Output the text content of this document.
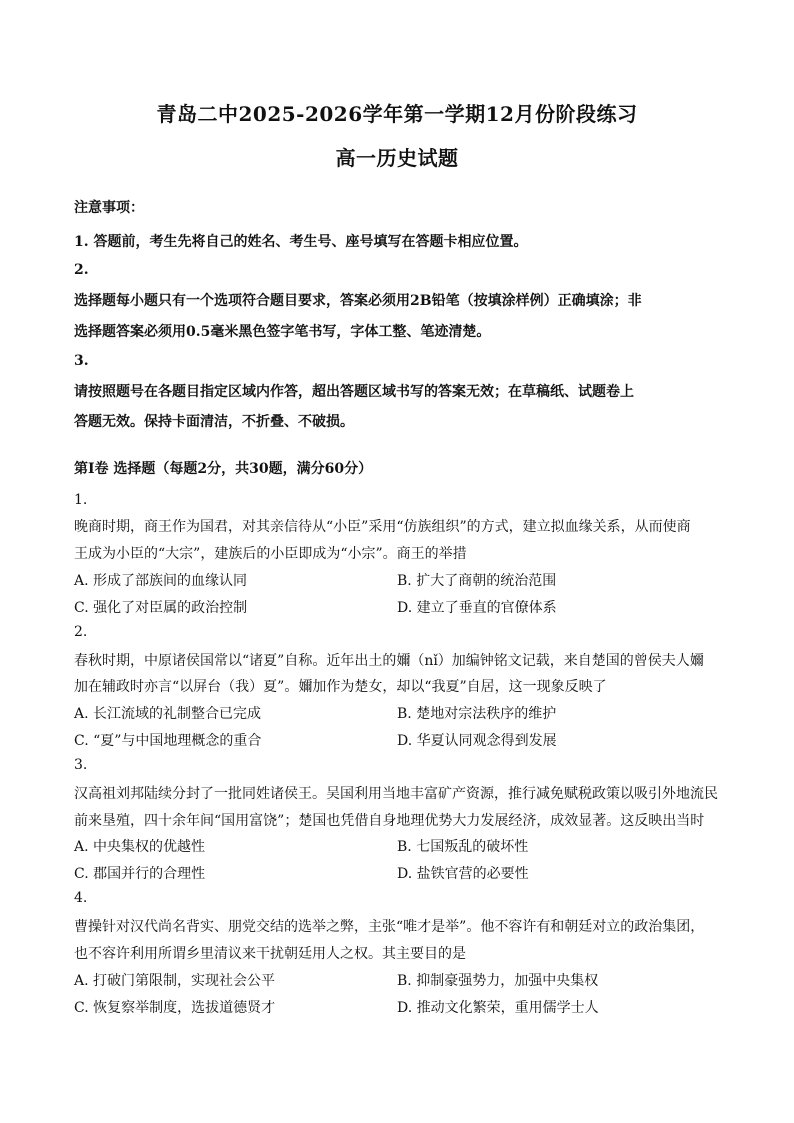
青岛二中2025-2026学年第一学期12月份阶段练习
高一历史试题
注意事项：
1. 答题前，考生先将自己的姓名、考生号、座号填写在答题卡相应位置。
2.
选择题每小题只有一个选项符合题目要求，答案必须用2B铅笔（按填涂样例）正确填涂；非
选择题答案必须用0.5毫米黑色签字笔书写，字体工整、笔迹清楚。
3.
请按照题号在各题目指定区域内作答，超出答题区域书写的答案无效；在草稿纸、试题卷上
答题无效。保持卡面清洁，不折叠、不破损。
第Ⅰ卷 选择题（每题2分，共30题，满分60分）
1.
晚商时期，商王作为国君，对其亲信待从“小臣”采用“仿族组织”的方式，建立拟血缘关系，从而使商
王成为小臣的“大宗”，建族后的小臣即成为“小宗”。商王的举措
A. 形成了部族间的血缘认同	B. 扩大了商朝的统治范围
C. 强化了对臣属的政治控制	D. 建立了垂直的官僚体系
2.
春秋时期，中原诸侯国常以“诸夏”自称。近年出土的嬭（nǐ）加编钟铭文记载，来自楚国的曾侯夫人嬭
加在辅政时亦言“以屏台（我）夏”。嬭加作为楚女，却以“我夏”自居，这一现象反映了
A. 长江流域的礼制整合已完成	B. 楚地对宗法秩序的维护
C. “夏”与中国地理概念的重合	D. 华夏认同观念得到发展
3.
汉高祖刘邦陆续分封了一批同姓诸侯王。吴国利用当地丰富矿产资源，推行减免赋税政策以吸引外地流民
前来垦殖，四十余年间“国用富饶”；楚国也凭借自身地理优势大力发展经济，成效显著。这反映出当时
A. 中央集权的优越性	B. 七国叛乱的破坏性
C. 郡国并行的合理性	D. 盐铁官营的必要性
4.
曹操针对汉代尚名背实、朋党交结的选举之弊，主张“唯才是举”。他不容许有和朝廷对立的政治集团，
也不容许利用所谓乡里清议来干扰朝廷用人之权。其主要目的是
A. 打破门第限制，实现社会公平	B. 抑制豪强势力，加强中央集权
C. 恢复察举制度，选拔道德贤才	D. 推动文化繁荣，重用儒学士人
